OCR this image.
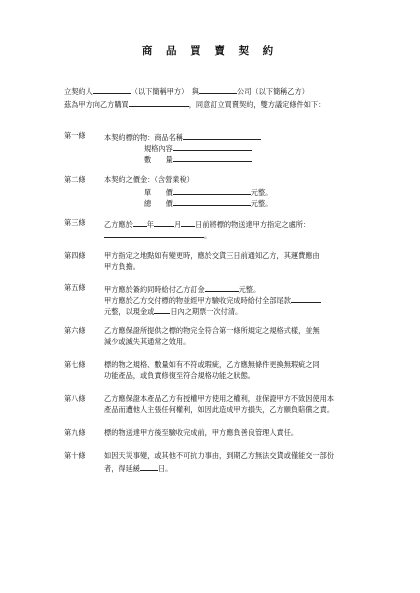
商 品 買 賣 契 約
立契約人	（以下簡稱甲方）　與	公司（以下簡稱乙方）
茲為甲方向乙方購買	，同意訂立買賣契約，雙方議定條件如下：
第一條	本契約標的物：商品名稱

規格內容

數　　量

第二條	本契約之價金：（含營業稅）

單　　價	元整。

總　　價	元整。

第三條	乙方應於 年	月 日前將標的物送達甲方指定之處所：

。

第四條	甲方指定之地點如有變更時，應於交貨三日前通知乙方，其運費應由

甲方負擔。

第五條	甲方應於簽約同時給付乙方訂金	元整。

甲方應於乙方交付標的物並經甲方驗收完成時給付全部尾款

元整，以現金或 日內之期票一次付清。

第六條	乙方應保證所提供之標的物完全符合第一條所規定之規格式樣，並無

減少或滅失其通常之效用。

第七條	標的物之規格、數量如有不符或瑕疵，乙方應無條件更換無瑕疵之同

功能產品，或負責修復至符合規格功能之狀態。

第八條	乙方應保證本產品乙方有授權甲方使用之權利，並保證甲方不致因使用本

產品而遭他人主張任何權利，如因此造成甲方損失，乙方願負賠償之責。

第九條	標的物送達甲方後至驗收完成前，甲方應負善良管理人責任。

第十條	如因天災事變，或其他不可抗力事由，到期乙方無法交貨或僅能交一部份

者，得延緩	日。
